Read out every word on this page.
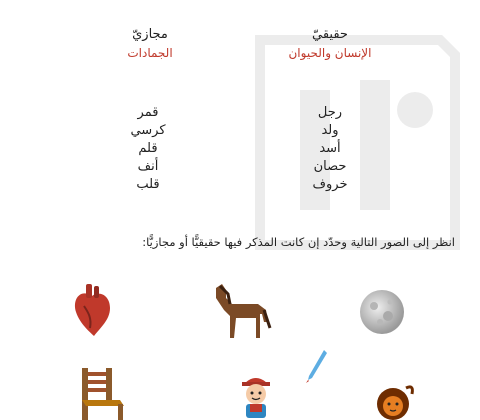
حقيقيّ
الإنسان والحيوان
مجازيّ
الجمادات
رجل
ولد
أسد
حصان
خروف
قمر
كرسي
قلم
أنف
قلب
انظر إلى الصور التالية وحدّد إن كانت المذكر فيها حقيقيًّا أو مجازيًّا:
